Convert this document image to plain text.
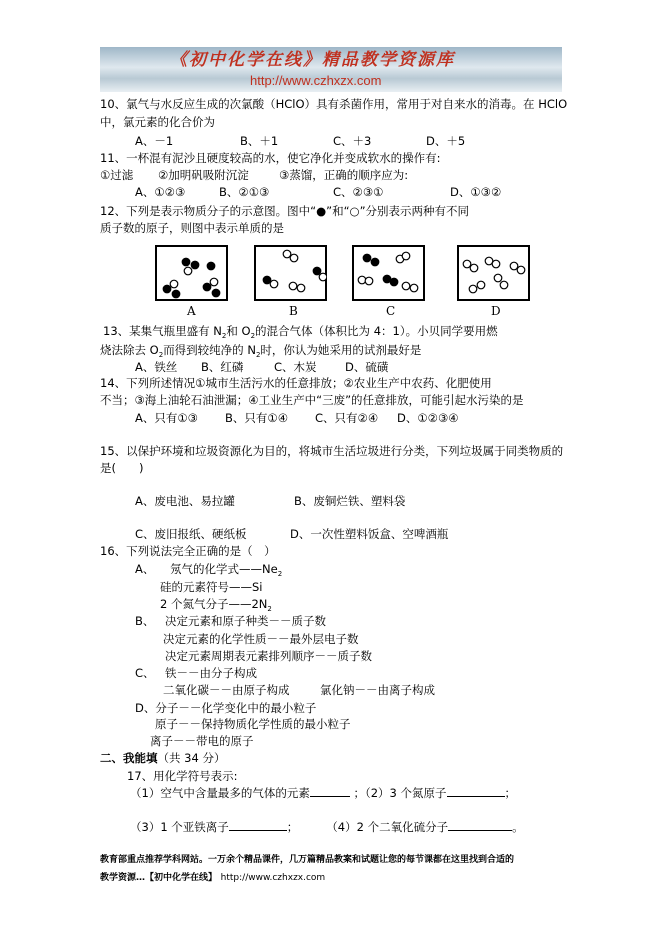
《初中化学在线》精品教学资源库
http://www.czhxzx.com
10、氯气与水反应生成的次氯酸（HClO）具有杀菌作用，常用于对自来水的消毒。在 HClO
中，氯元素的化合价为
A、－1	B、＋1	C、＋3	D、＋5
11、一杯混有泥沙且硬度较高的水，使它净化并变成软水的操作有:
①过滤 ②加明矾吸附沉淀	③蒸馏，正确的顺序应为:
A、①②③	B、②①③	C、②③①	D、①③②
12、下列是表示物质分子的示意图。图中“●”和“○”分别表示两种有不同
质子数的原子，则图中表示单质的是
A	B	C	D
13、某集气瓶里盛有 $N_2$和 $O_2$的混合气体（体积比为 4：1）。小贝同学要用燃
烧法除去 $O_2$而得到较纯净的 $N_2$时，你认为她采用的试剂最好是
A、铁丝 B、红磷	C、木炭 D、硫磺
14、下列所述情况①城市生活污水的任意排放；②农业生产中农药、化肥使用
不当；③海上油轮石油泄漏；④工业生产中“三废”的任意排放，可能引起水污染的是
A、只有①③ B、只有①④ C、只有②④ D、①②③④
15、以保护环境和垃圾资源化为目的，将城市生活垃圾进行分类，下列垃圾属于同类物质的
是(　　)
A、废电池、易拉罐	B、废铜烂铁、塑料袋
C、废旧报纸、硬纸板	D、一次性塑料饭盒、空啤酒瓶
16、下列说法完全正确的是（　）
A、 氖气的化学式$——Ne_2$
硅的元素符号——Si
2 个氮气分子$——2N_2$
B、 决定元素和原子种类－－质子数
决定元素的化学性质－－最外层电子数
决定元素周期表元素排列顺序－－质子数
C、 铁－－由分子构成
二氧化碳－－由原子构成	氯化钠－－由离子构成
D、分子－－化学变化中的最小粒子
原子－－保持物质化学性质的最小粒子
离子－－带电的原子
二、我能填（共 34 分）
17、用化学符号表示:
（1）空气中含量最多的气体的元素	；（2）3 个氮原子	；
（3）1 个亚铁离子	； （4）2 个二氧化硫分子	。
教育部重点推荐学科网站。一万余个精品课件，几万篇精品教案和试题让您的每节课都在这里找到合适的
教学资源…【初中化学在线】 http://www.czhxzx.com
